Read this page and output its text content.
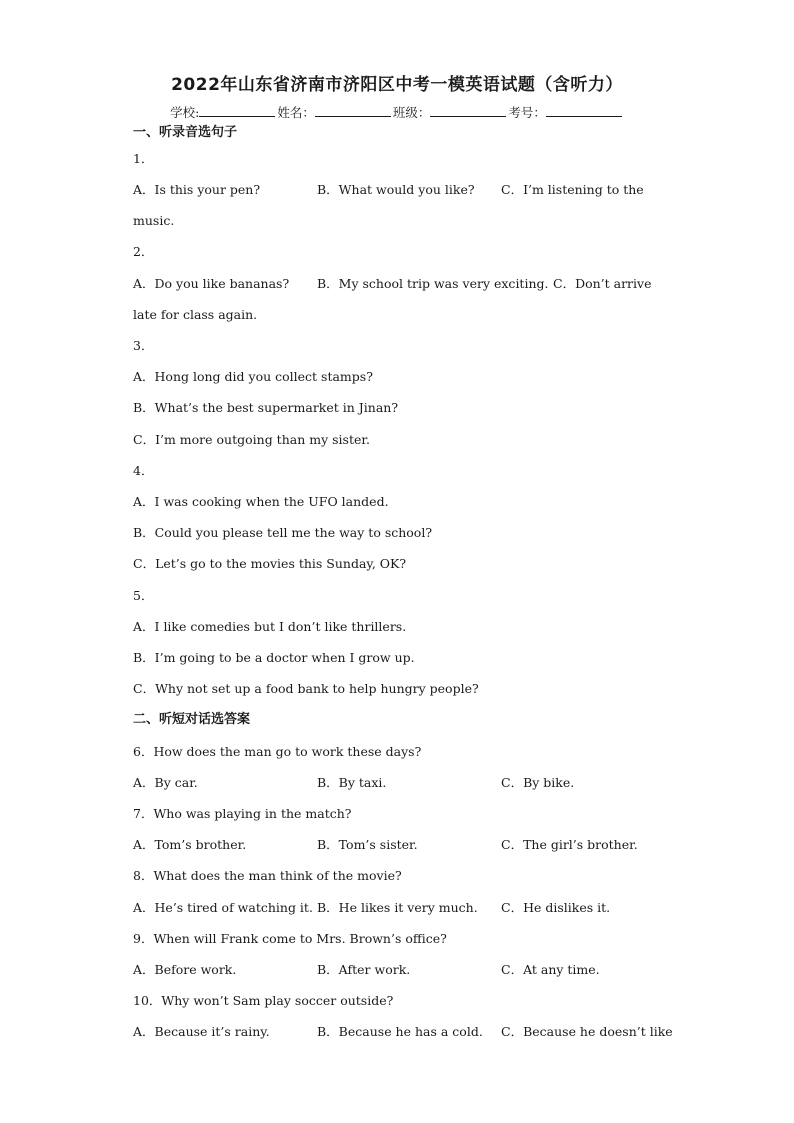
2022年山东省济南市济阳区中考一模英语试题（含听力）
学校:	姓名：	班级：	考号：
一、听录音选句子
1．
A．Is this your pen?	B．What would you like? C．I’m listening to the
music.
2．
A．Do you like bananas? B．My school trip was very exciting. C．Don’t arrive
late for class again.
3．
A．Hong long did you collect stamps?
B．What’s the best supermarket in Jinan?
C．I’m more outgoing than my sister.
4．
A．I was cooking when the UFO landed.
B．Could you please tell me the way to school?
C．Let’s go to the movies this Sunday, OK?
5．
A．I like comedies but I don’t like thrillers.
B．I’m going to be a doctor when I grow up.
C．Why not set up a food bank to help hungry people?
二、听短对话选答案
6．How does the man go to work these days?
A．By car.	B．By taxi.	C．By bike.
7．Who was playing in the match?
A．Tom’s brother.	B．Tom’s sister.	C．The girl’s brother.
8．What does the man think of the movie?
A．He’s tired of watching it. B．He likes it very much. C．He dislikes it.
9．When will Frank come to Mrs. Brown’s office?
A．Before work.	B．After work.	C．At any time.
10．Why won’t Sam play soccer outside?
A．Because it’s rainy.	B．Because he has a cold. C．Because he doesn’t like
